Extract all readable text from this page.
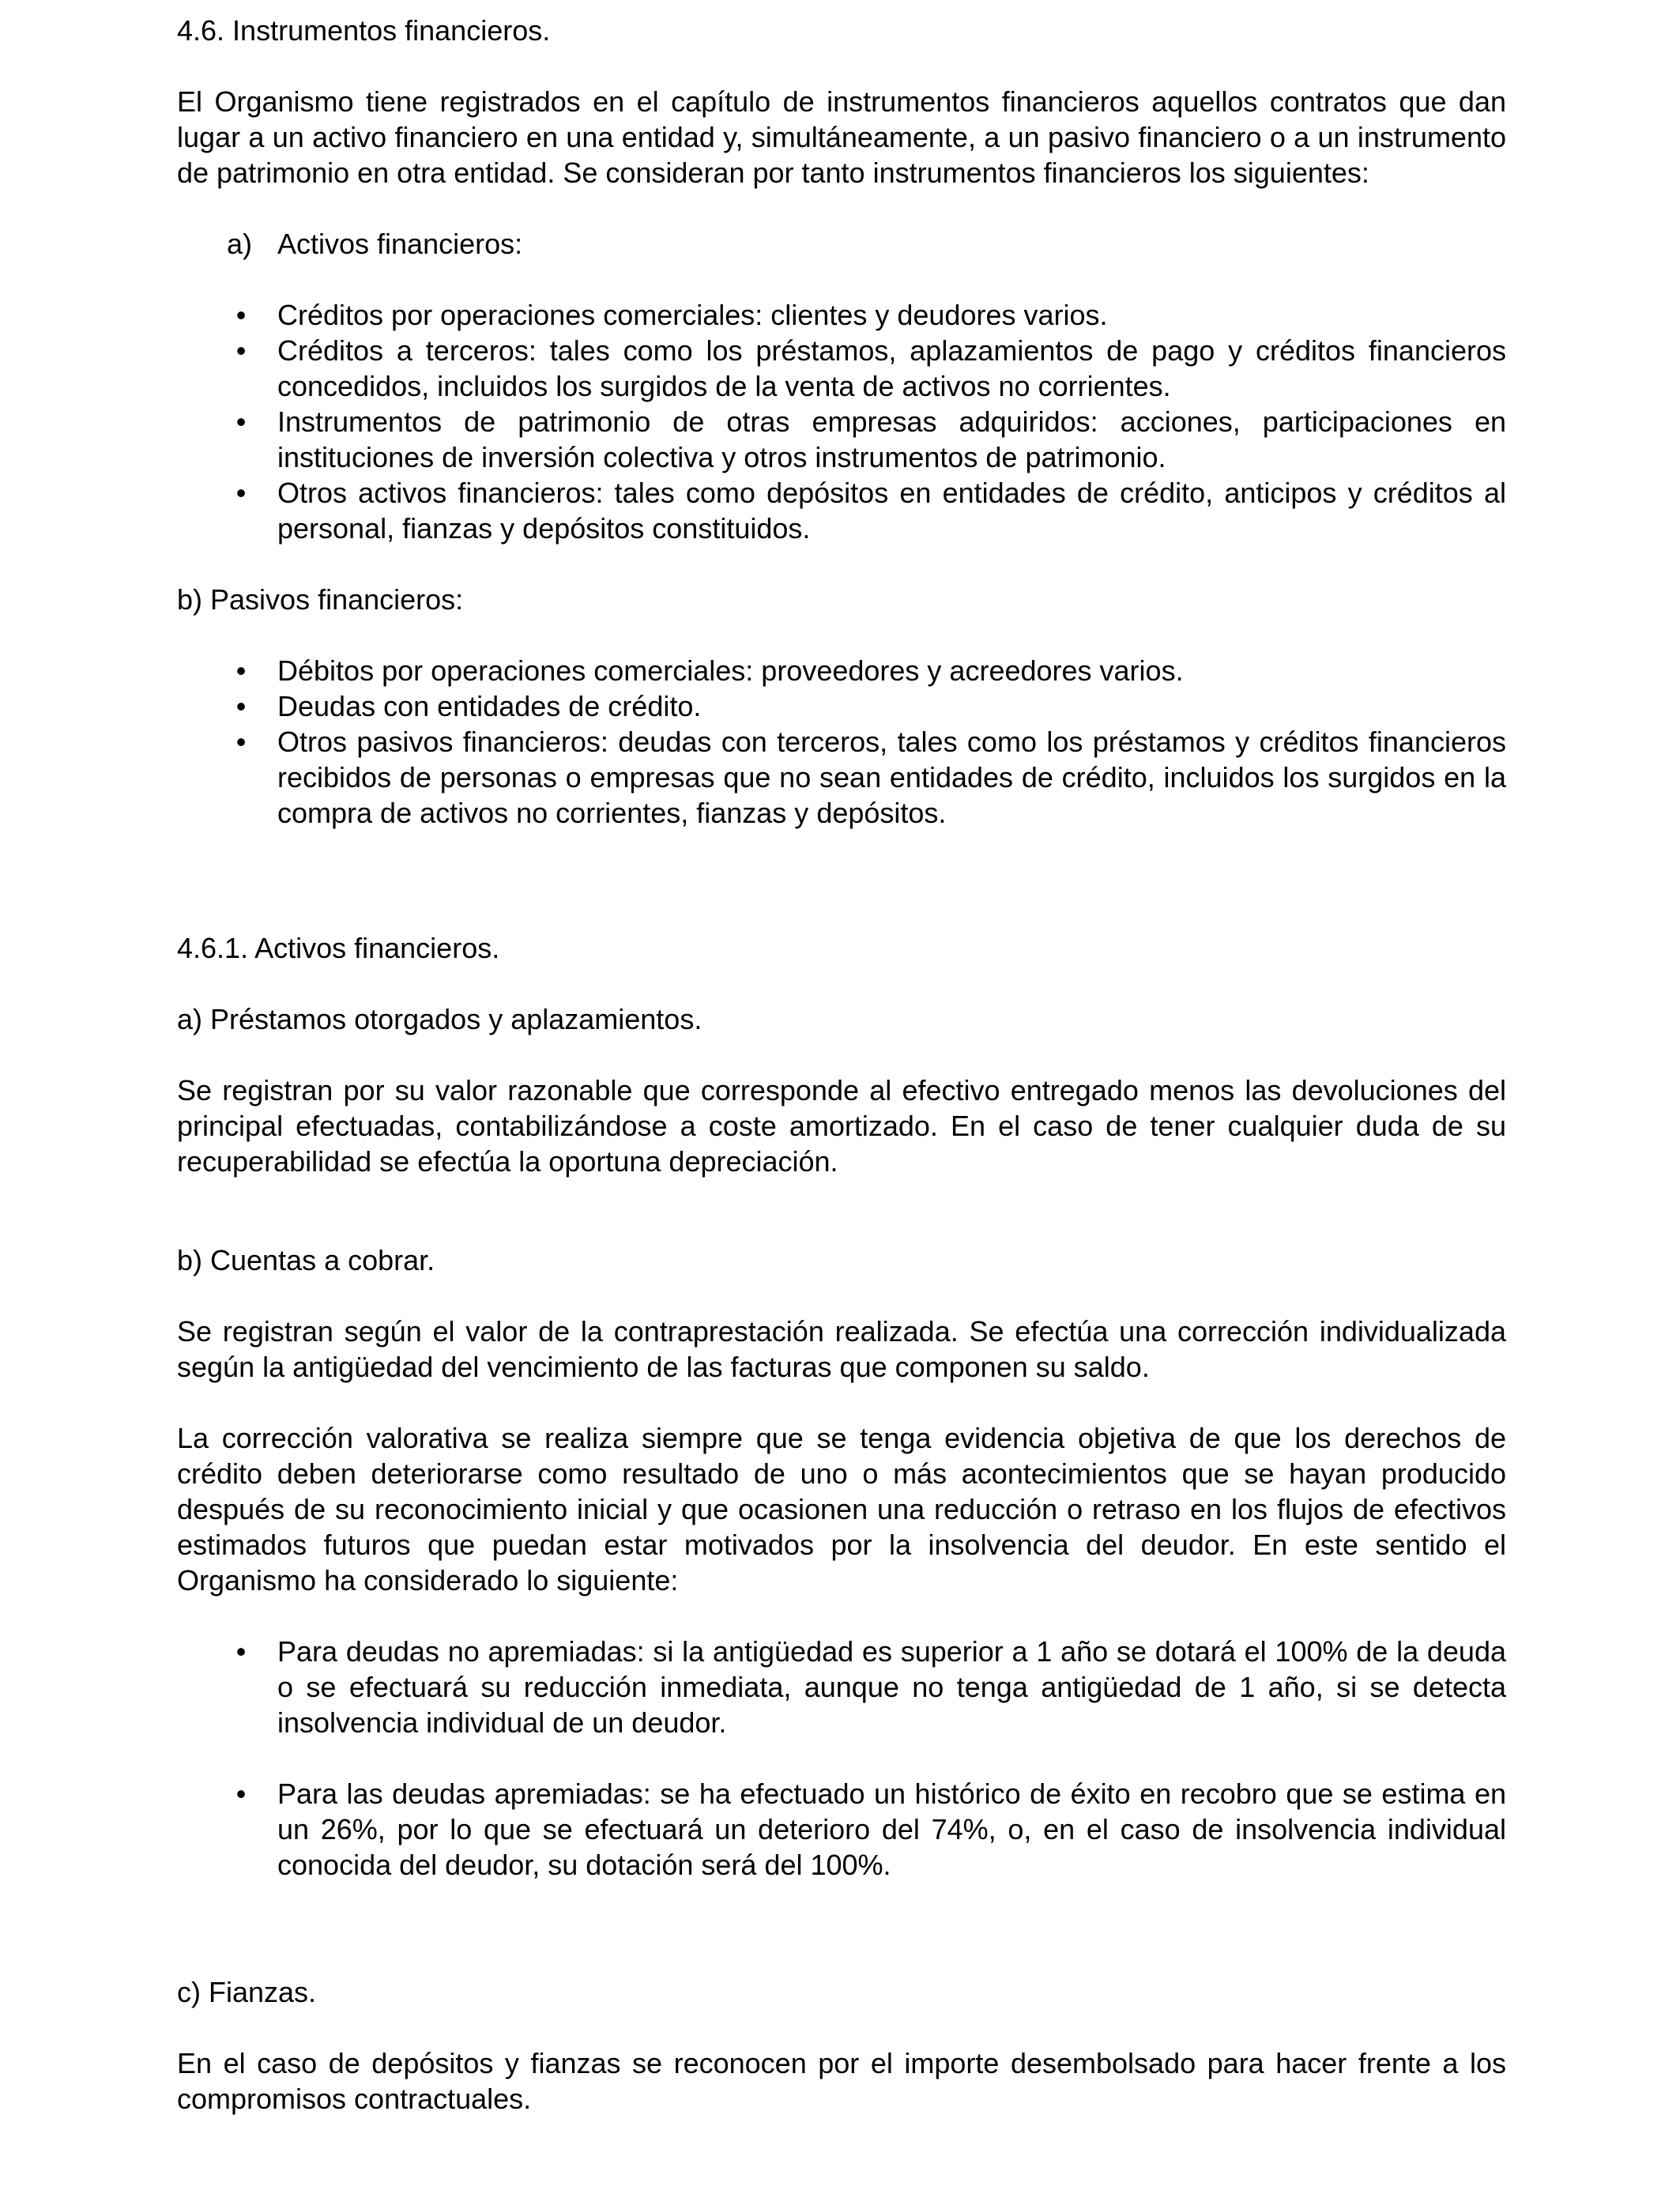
4.6. Instrumentos financieros.

El Organismo tiene registrados en el capítulo de instrumentos financieros aquellos contratos que dan lugar a un activo financiero en una entidad y, simultáneamente, a un pasivo financiero o a un instrumento de patrimonio en otra entidad. Se consideran por tanto instrumentos financieros los siguientes:

a) Activos financieros:

• Créditos por operaciones comerciales: clientes y deudores varios.
• Créditos a terceros: tales como los préstamos, aplazamientos de pago y créditos financieros concedidos, incluidos los surgidos de la venta de activos no corrientes.
• Instrumentos de patrimonio de otras empresas adquiridos: acciones, participaciones en instituciones de inversión colectiva y otros instrumentos de patrimonio.
• Otros activos financieros: tales como depósitos en entidades de crédito, anticipos y créditos al personal, fianzas y depósitos constituidos.

b) Pasivos financieros:

• Débitos por operaciones comerciales: proveedores y acreedores varios.
• Deudas con entidades de crédito.
• Otros pasivos financieros: deudas con terceros, tales como los préstamos y créditos financieros recibidos de personas o empresas que no sean entidades de crédito, incluidos los surgidos en la compra de activos no corrientes, fianzas y depósitos.

4.6.1. Activos financieros.

a) Préstamos otorgados y aplazamientos.

Se registran por su valor razonable que corresponde al efectivo entregado menos las devoluciones del principal efectuadas, contabilizándose a coste amortizado. En el caso de tener cualquier duda de su recuperabilidad se efectúa la oportuna depreciación.

b) Cuentas a cobrar.

Se registran según el valor de la contraprestación realizada. Se efectúa una corrección individualizada según la antigüedad del vencimiento de las facturas que componen su saldo.

La corrección valorativa se realiza siempre que se tenga evidencia objetiva de que los derechos de crédito deben deteriorarse como resultado de uno o más acontecimientos que se hayan producido después de su reconocimiento inicial y que ocasionen una reducción o retraso en los flujos de efectivos estimados futuros que puedan estar motivados por la insolvencia del deudor. En este sentido el Organismo ha considerado lo siguiente:

• Para deudas no apremiadas: si la antigüedad es superior a 1 año se dotará el 100% de la deuda o se efectuará su reducción inmediata, aunque no tenga antigüedad de 1 año, si se detecta insolvencia individual de un deudor.
• Para las deudas apremiadas: se ha efectuado un histórico de éxito en recobro que se estima en un 26%, por lo que se efectuará un deterioro del 74%, o, en el caso de insolvencia individual conocida del deudor, su dotación será del 100%.

c) Fianzas.

En el caso de depósitos y fianzas se reconocen por el importe desembolsado para hacer frente a los compromisos contractuales.
